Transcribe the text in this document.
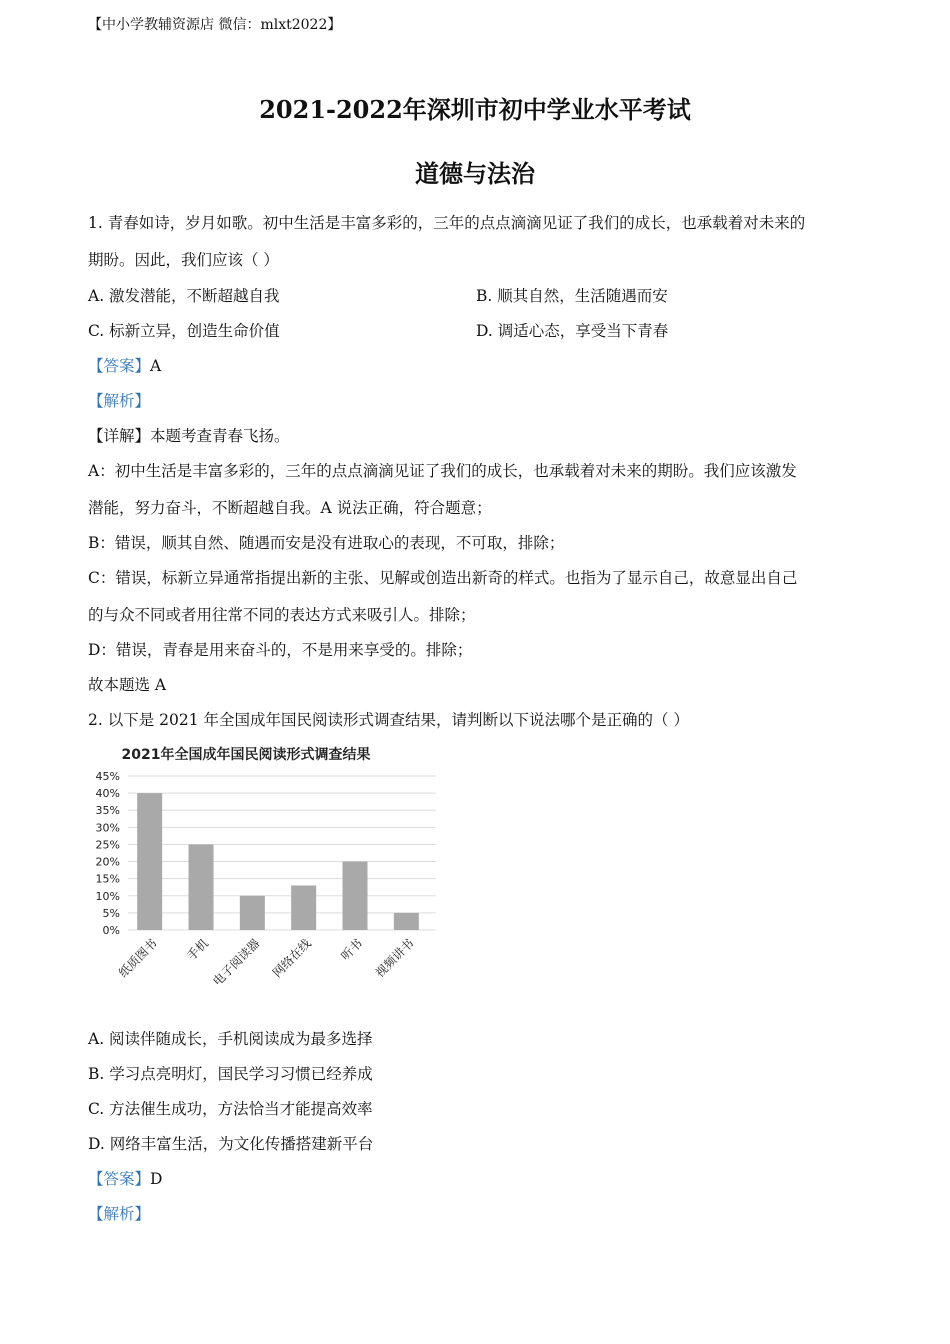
【中小学教辅资源店 微信：mlxt2022】
2021-2022年深圳市初中学业水平考试
道德与法治
1. 青春如诗，岁月如歌。初中生活是丰富多彩的，三年的点点滴滴见证了我们的成长，也承载着对未来的
期盼。因此，我们应该（ ）
A. 激发潜能，不断超越自我	B. 顺其自然，生活随遇而安
C. 标新立异，创造生命价值	D. 调适心态，享受当下青春
【答案】A
【解析】
【详解】本题考查青春飞扬。
A：初中生活是丰富多彩的，三年的点点滴滴见证了我们的成长，也承载着对未来的期盼。我们应该激发
潜能，努力奋斗，不断超越自我。A 说法正确，符合题意；
B：错误，顺其自然、随遇而安是没有进取心的表现，不可取，排除；
C：错误，标新立异通常指提出新的主张、见解或创造出新奇的样式。也指为了显示自己，故意显出自己
的与众不同或者用往常不同的表达方式来吸引人。排除；
D：错误，青春是用来奋斗的，不是用来享受的。排除；
故本题选 A
2. 以下是 2021 年全国成年国民阅读形式调查结果，请判断以下说法哪个是正确的（ ）
2021年全国成年国民阅读形式调查结果
0%
5%
10%
15%
20%
25%
30%
35%
40%
45%
纸质图书 手机
电子阅读器 网络在线 听书 视频讲书
A. 阅读伴随成长，手机阅读成为最多选择
B. 学习点亮明灯，国民学习习惯已经养成
C. 方法催生成功，方法恰当才能提高效率
D. 网络丰富生活，为文化传播搭建新平台
【答案】D
【解析】
